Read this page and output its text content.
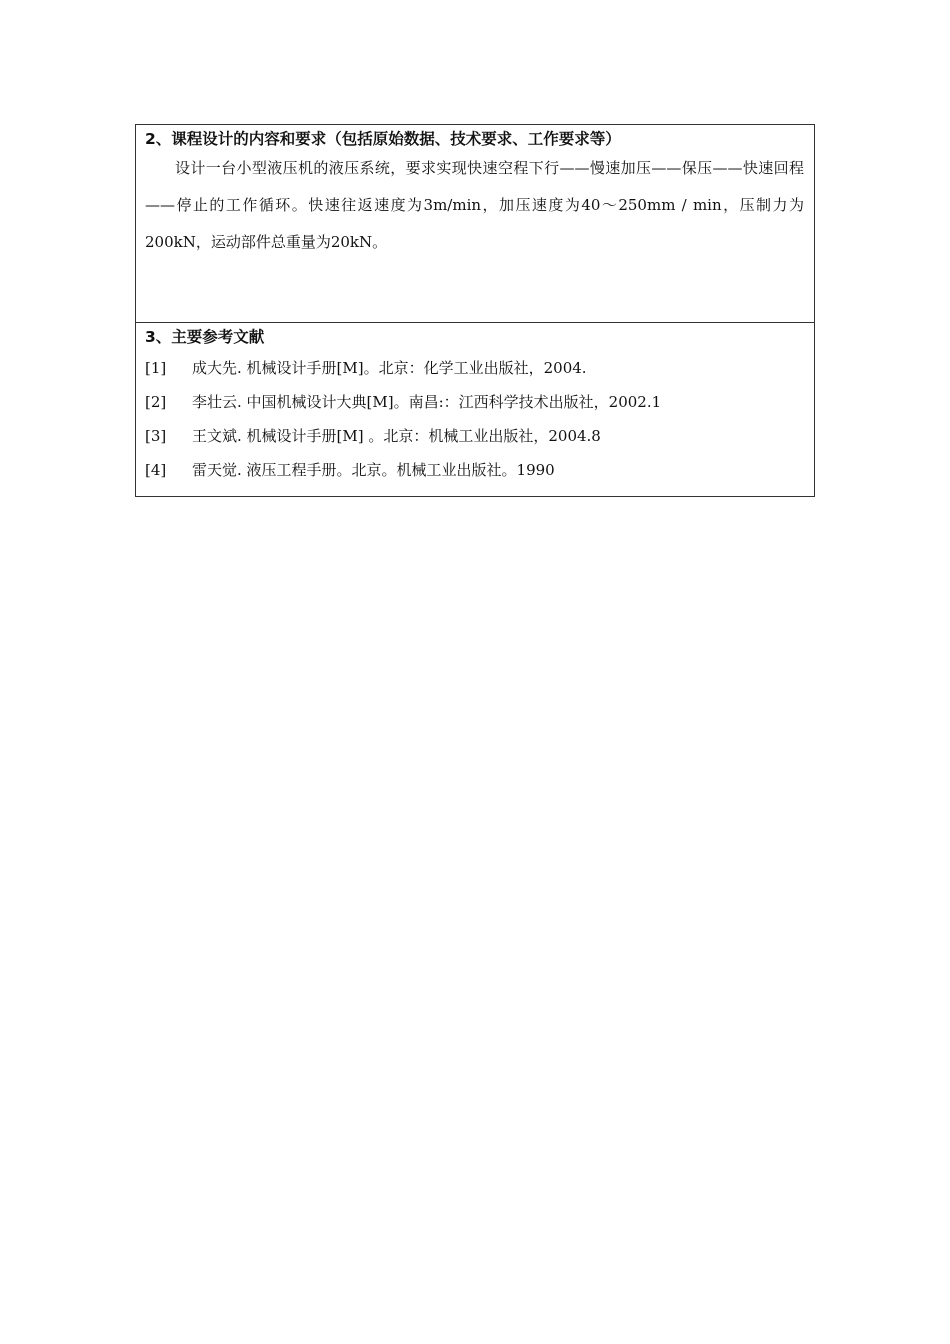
2、课程设计的内容和要求（包括原始数据、技术要求、工作要求等）
设计一台小型液压机的液压系统，要求实现快速空程下行——慢速加压——保压——快速回程——停止的工作循环。快速往返速度为3m/min，加压速度为40～250mm / min，压制力为200kN，运动部件总重量为20kN。
3、主要参考文献
[1] 成大先. 机械设计手册[M]。北京：化学工业出版社，2004.
[2] 李壮云. 中国机械设计大典[M]。南昌:：江西科学技术出版社，2002.1
[3] 王文斌. 机械设计手册[M] 。北京：机械工业出版社，2004.8
[4] 雷天觉. 液压工程手册。北京。机械工业出版社。1990
